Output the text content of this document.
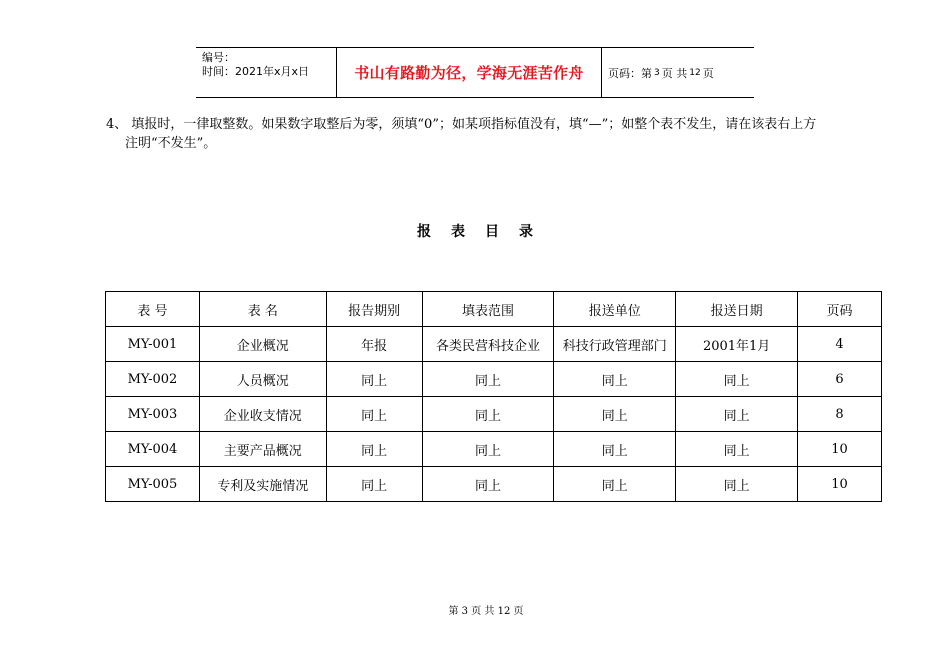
编号：
时间：2021年x月x日	书山有路勤为径，学海无涯苦作舟	页码：第 3 页 共 12 页
4、 填报时，一律取整数。如果数字取整后为零，须填“0”；如某项指标值没有，填“—”；如整个表不发生，请在该表右上方
注明“不发生”。
报表目录
表 号	表 名	报告期别	填表范围	报送单位	报送日期	页码
MY-001	企业概况	年报	各类民营科技企业	科技行政管理部门	2001年1月	4
MY-002	人员概况	同上	同上	同上	同上	6
MY-003	企业收支情况	同上	同上	同上	同上	8
MY-004	主要产品概况	同上	同上	同上	同上	10
MY-005	专利及实施情况	同上	同上	同上	同上	10
第 3 页 共 12 页
